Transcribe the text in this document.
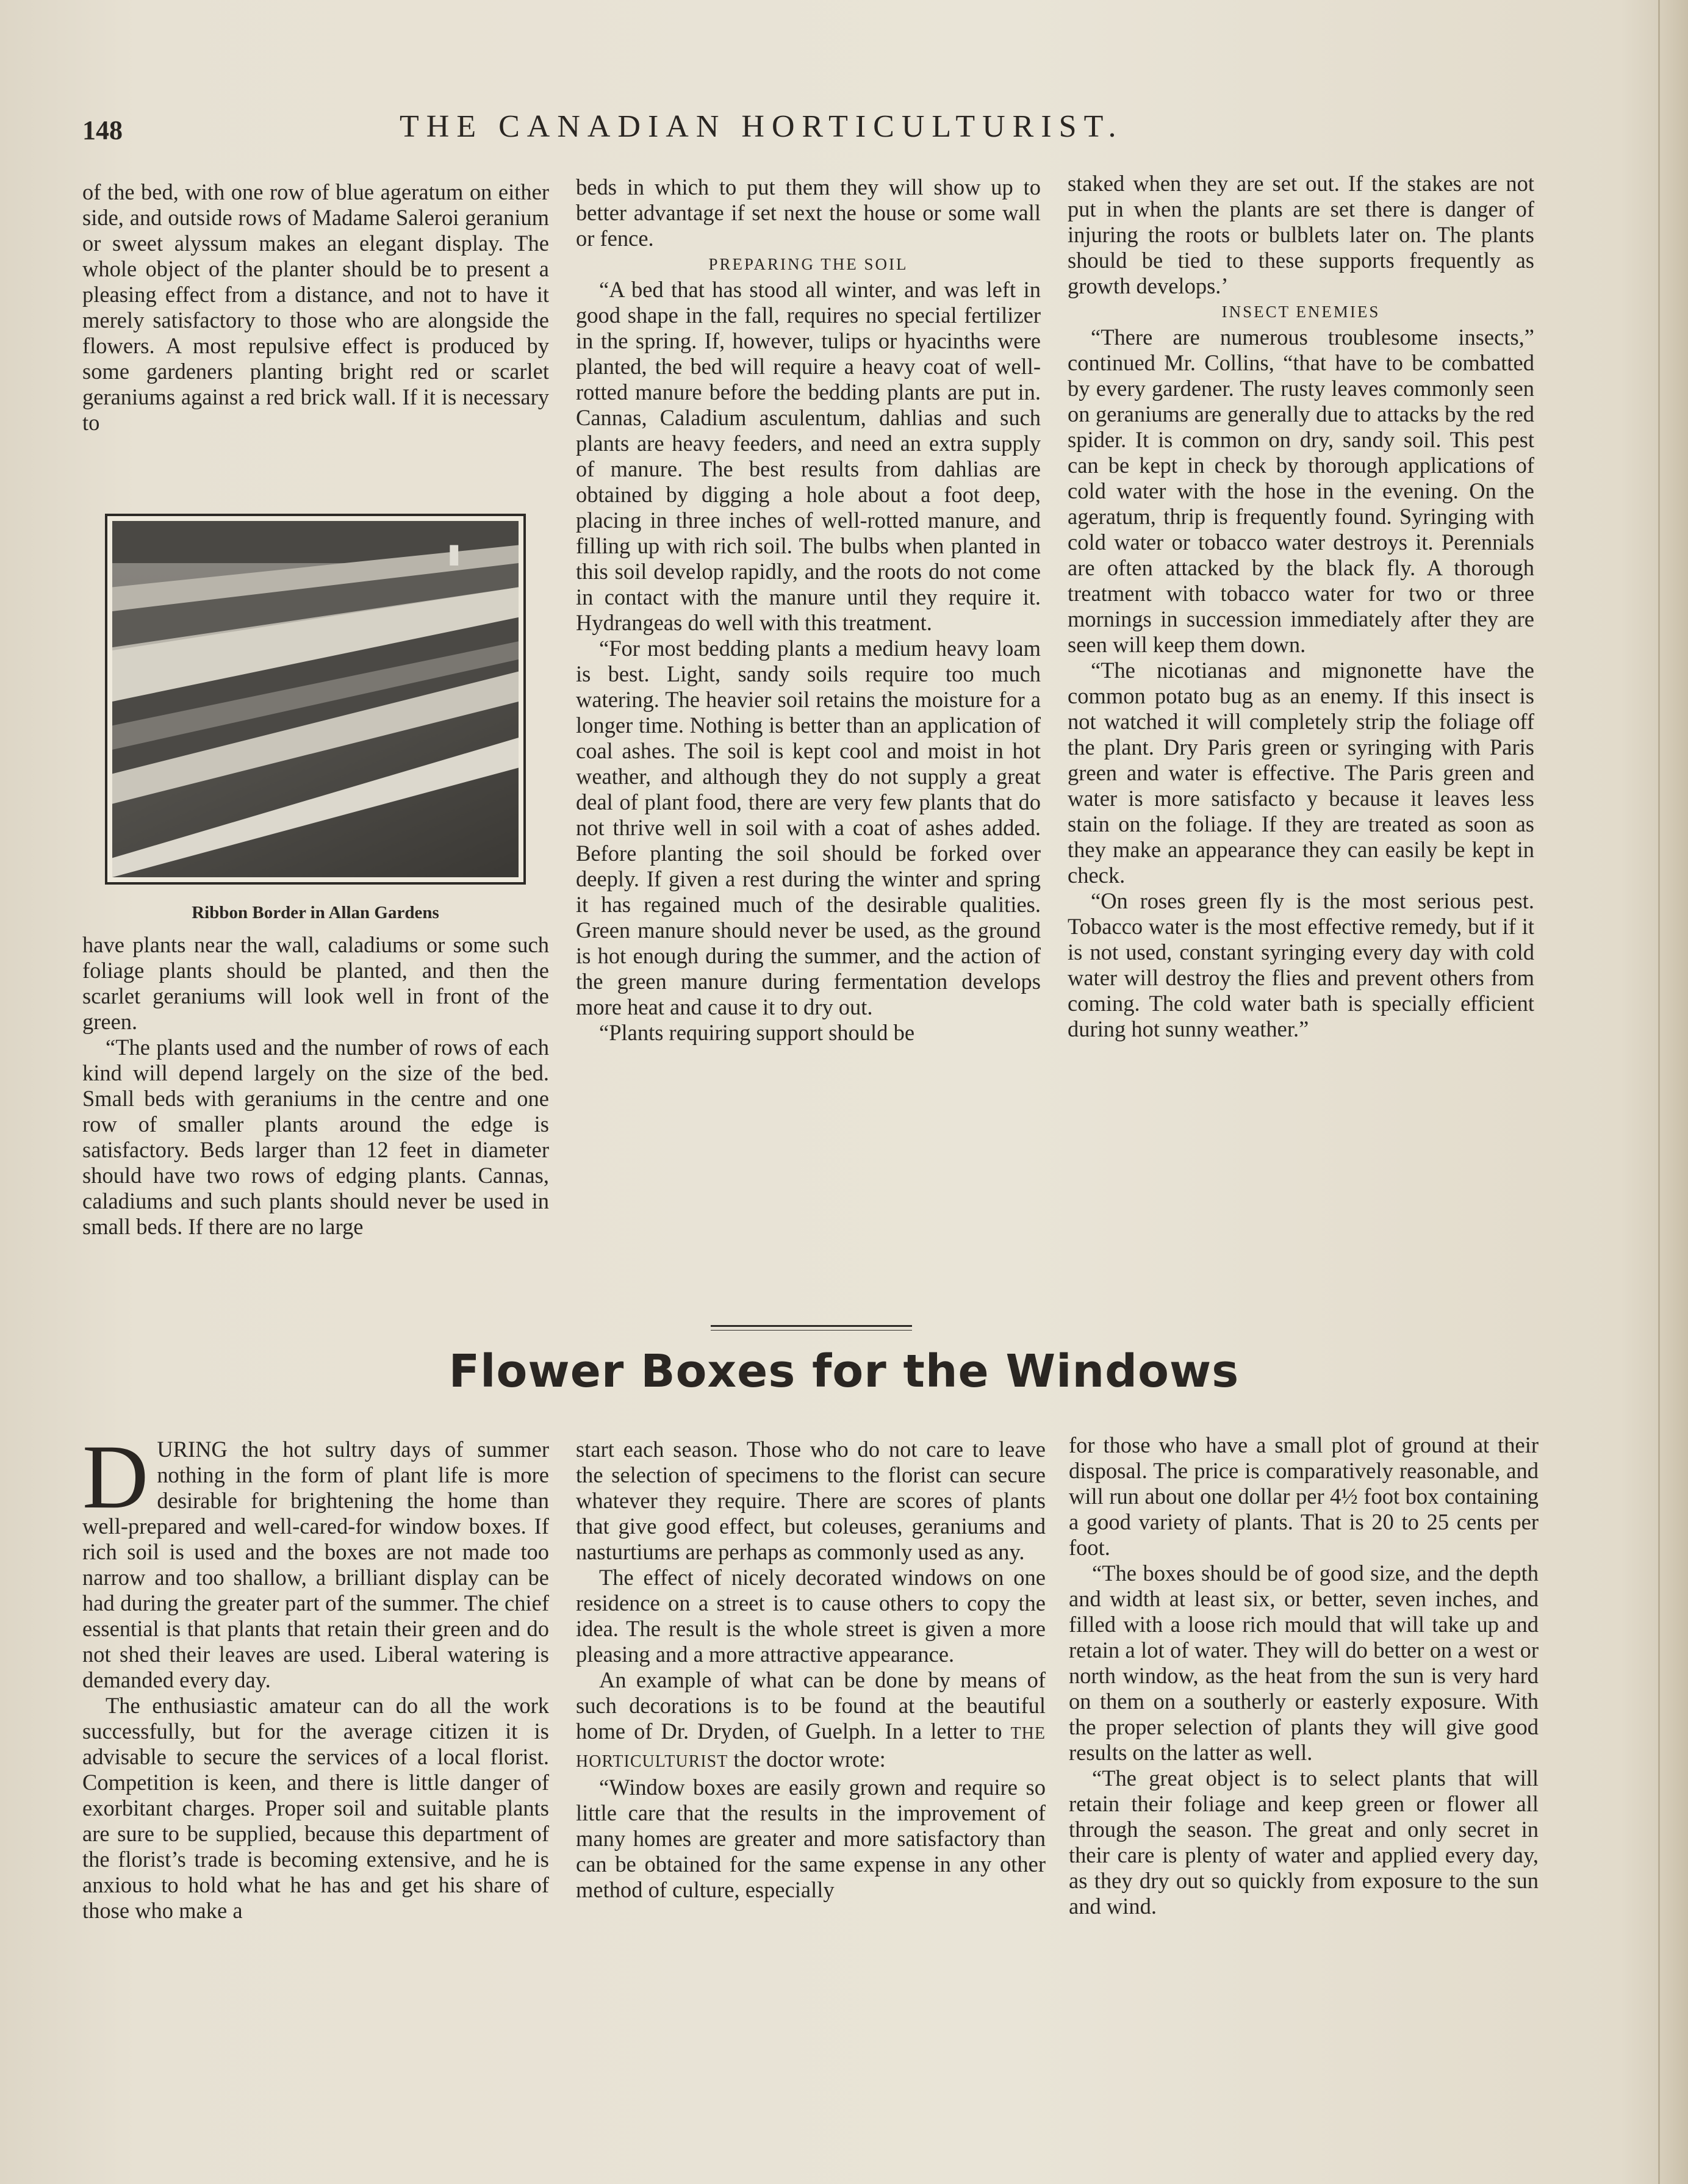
148	THE CANADIAN HORTICULTURIST.

of the bed, with one row of blue ageratum on either side, and outside rows of Madame Saleroi geranium or sweet alyssum makes an elegant display. The whole object of the planter should be to present a pleasing effect from a distance, and not to have it merely satisfactory to those who are alongside the flowers. A most repulsive effect is produced by some gardeners planting bright red or scarlet geraniums against a red brick wall. If it is necessary to

Ribbon Border in Allan Gardens

have plants near the wall, caladiums or some such foliage plants should be planted, and then the scarlet geraniums will look well in front of the green.

“The plants used and the number of rows of each kind will depend largely on the size of the bed. Small beds with geraniums in the centre and one row of smaller plants around the edge is satisfactory. Beds larger than 12 feet in diameter should have two rows of edging plants. Cannas, caladiums and such plants should never be used in small beds. If there are no large

beds in which to put them they will show up to better advantage if set next the house or some wall or fence.

PREPARING THE SOIL

“A bed that has stood all winter, and was left in good shape in the fall, requires no special fertilizer in the spring. If, however, tulips or hyacinths were planted, the bed will require a heavy coat of well-rotted manure before the bedding plants are put in. Cannas, Caladium asculentum, dahlias and such plants are heavy feeders, and need an extra supply of manure. The best results from dahlias are obtained by digging a hole about a foot deep, placing in three inches of well-rotted manure, and filling up with rich soil. The bulbs when planted in this soil develop rapidly, and the roots do not come in contact with the manure until they require it. Hydrangeas do well with this treatment.

“For most bedding plants a medium heavy loam is best. Light, sandy soils require too much watering. The heavier soil retains the moisture for a longer time. Nothing is better than an application of coal ashes. The soil is kept cool and moist in hot weather, and although they do not supply a great deal of plant food, there are very few plants that do not thrive well in soil with a coat of ashes added. Before planting the soil should be forked over deeply. If given a rest during the winter and spring it has regained much of the desirable qualities. Green manure should never be used, as the ground is hot enough during the summer, and the action of the green manure during fermentation develops more heat and cause it to dry out.

“Plants requiring support should be

staked when they are set out. If the stakes are not put in when the plants are set there is danger of injuring the roots or bulblets later on. The plants should be tied to these supports frequently as growth develops.’

INSECT ENEMIES

“There are numerous troublesome insects,” continued Mr. Collins, “that have to be combatted by every gardener. The rusty leaves commonly seen on geraniums are generally due to attacks by the red spider. It is common on dry, sandy soil. This pest can be kept in check by thorough applications of cold water with the hose in the evening. On the ageratum, thrip is frequently found. Syringing with cold water or tobacco water destroys it. Perennials are often attacked by the black fly. A thorough treatment with tobacco water for two or three mornings in succession immediately after they are seen will keep them down.

“The nicotianas and mignonette have the common potato bug as an enemy. If this insect is not watched it will completely strip the foliage off the plant. Dry Paris green or syringing with Paris green and water is effective. The Paris green and water is more satisfacto y because it leaves less stain on the foliage. If they are treated as soon as they make an appearance they can easily be kept in check.

“On roses green fly is the most serious pest. Tobacco water is the most effective remedy, but if it is not used, constant syringing every day with cold water will destroy the flies and prevent others from coming. The cold water bath is specially efficient during hot sunny weather.”

Flower Boxes for the Windows

DURING the hot sultry days of summer nothing in the form of plant life is more desirable for brightening the home than well-prepared and well-cared-for window boxes. If rich soil is used and the boxes are not made too narrow and too shallow, a brilliant display can be had during the greater part of the summer. The chief essential is that plants that retain their green and do not shed their leaves are used. Liberal watering is demanded every day.

The enthusiastic amateur can do all the work successfully, but for the average citizen it is advisable to secure the services of a local florist. Competition is keen, and there is little danger of exorbitant charges. Proper soil and suitable plants are sure to be supplied, because this department of the florist’s trade is becoming extensive, and he is anxious to hold what he has and get his share of those who make a

start each season. Those who do not care to leave the selection of specimens to the florist can secure whatever they require. There are scores of plants that give good effect, but coleuses, geraniums and nasturtiums are perhaps as commonly used as any.

The effect of nicely decorated windows on one residence on a street is to cause others to copy the idea. The result is the whole street is given a more pleasing and a more attractive appearance.

An example of what can be done by means of such decorations is to be found at the beautiful home of Dr. Dryden, of Guelph. In a letter to THE HORTICULTURIST the doctor wrote:

“Window boxes are easily grown and require so little care that the results in the improvement of many homes are greater and more satisfactory than can be obtained for the same expense in any other method of culture, especially

for those who have a small plot of ground at their disposal. The price is comparatively reasonable, and will run about one dollar per 4½ foot box containing a good variety of plants. That is 20 to 25 cents per foot.

“The boxes should be of good size, and the depth and width at least six, or better, seven inches, and filled with a loose rich mould that will take up and retain a lot of water. They will do better on a west or north window, as the heat from the sun is very hard on them on a southerly or easterly exposure. With the proper selection of plants they will give good results on the latter as well.

“The great object is to select plants that will retain their foliage and keep green or flower all through the season. The great and only secret in their care is plenty of water and applied every day, as they dry out so quickly from exposure to the sun and wind.
